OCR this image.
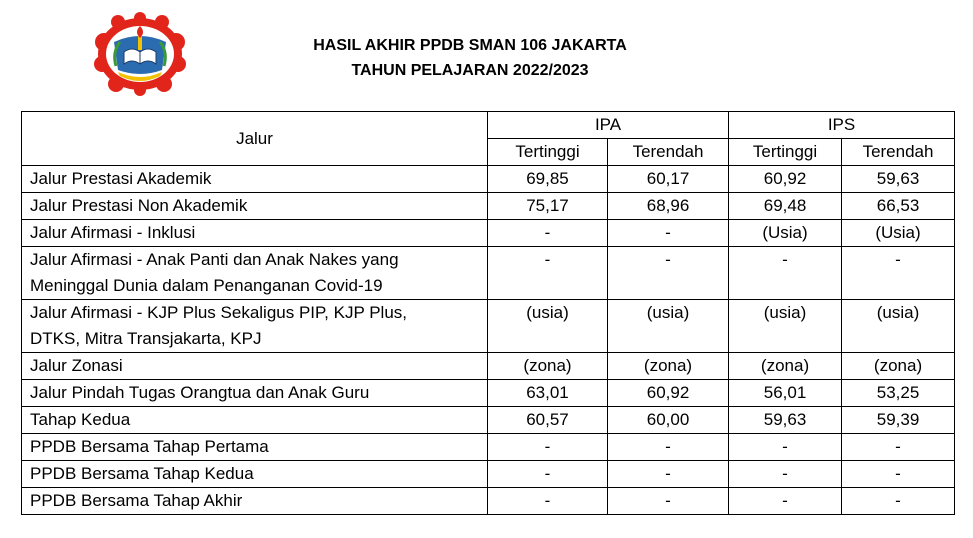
HASIL AKHIR PPDB SMAN 106 JAKARTA
TAHUN PELAJARAN 2022/2023
Jalur	IPA		IPS	
	Tertinggi	Terendah	Tertinggi	Terendah
Jalur Prestasi Akademik	69,85	60,17	60,92	59,63
Jalur Prestasi Non Akademik	75,17	68,96	69,48	66,53
Jalur Afirmasi - Inklusi	-	-	(Usia)	(Usia)

Jalur Afirmasi - Anak Panti dan Anak Nakes yang
Meninggal Dunia dalam Penanganan Covid-19	-	-	-	-

Jalur Afirmasi - KJP Plus Sekaligus PIP, KJP Plus,
DTKS, Mitra Transjakarta, KPJ	(usia)	(usia)	(usia)	(usia)
Jalur Zonasi	(zona)	(zona)	(zona)	(zona)
Jalur Pindah Tugas Orangtua dan Anak Guru	63,01	60,92	56,01	53,25
Tahap Kedua	60,57	60,00	59,63	59,39
PPDB Bersama Tahap Pertama	-	-	-	-
PPDB Bersama Tahap Kedua	-	-	-	-
PPDB Bersama Tahap Akhir	-	-	-	-
